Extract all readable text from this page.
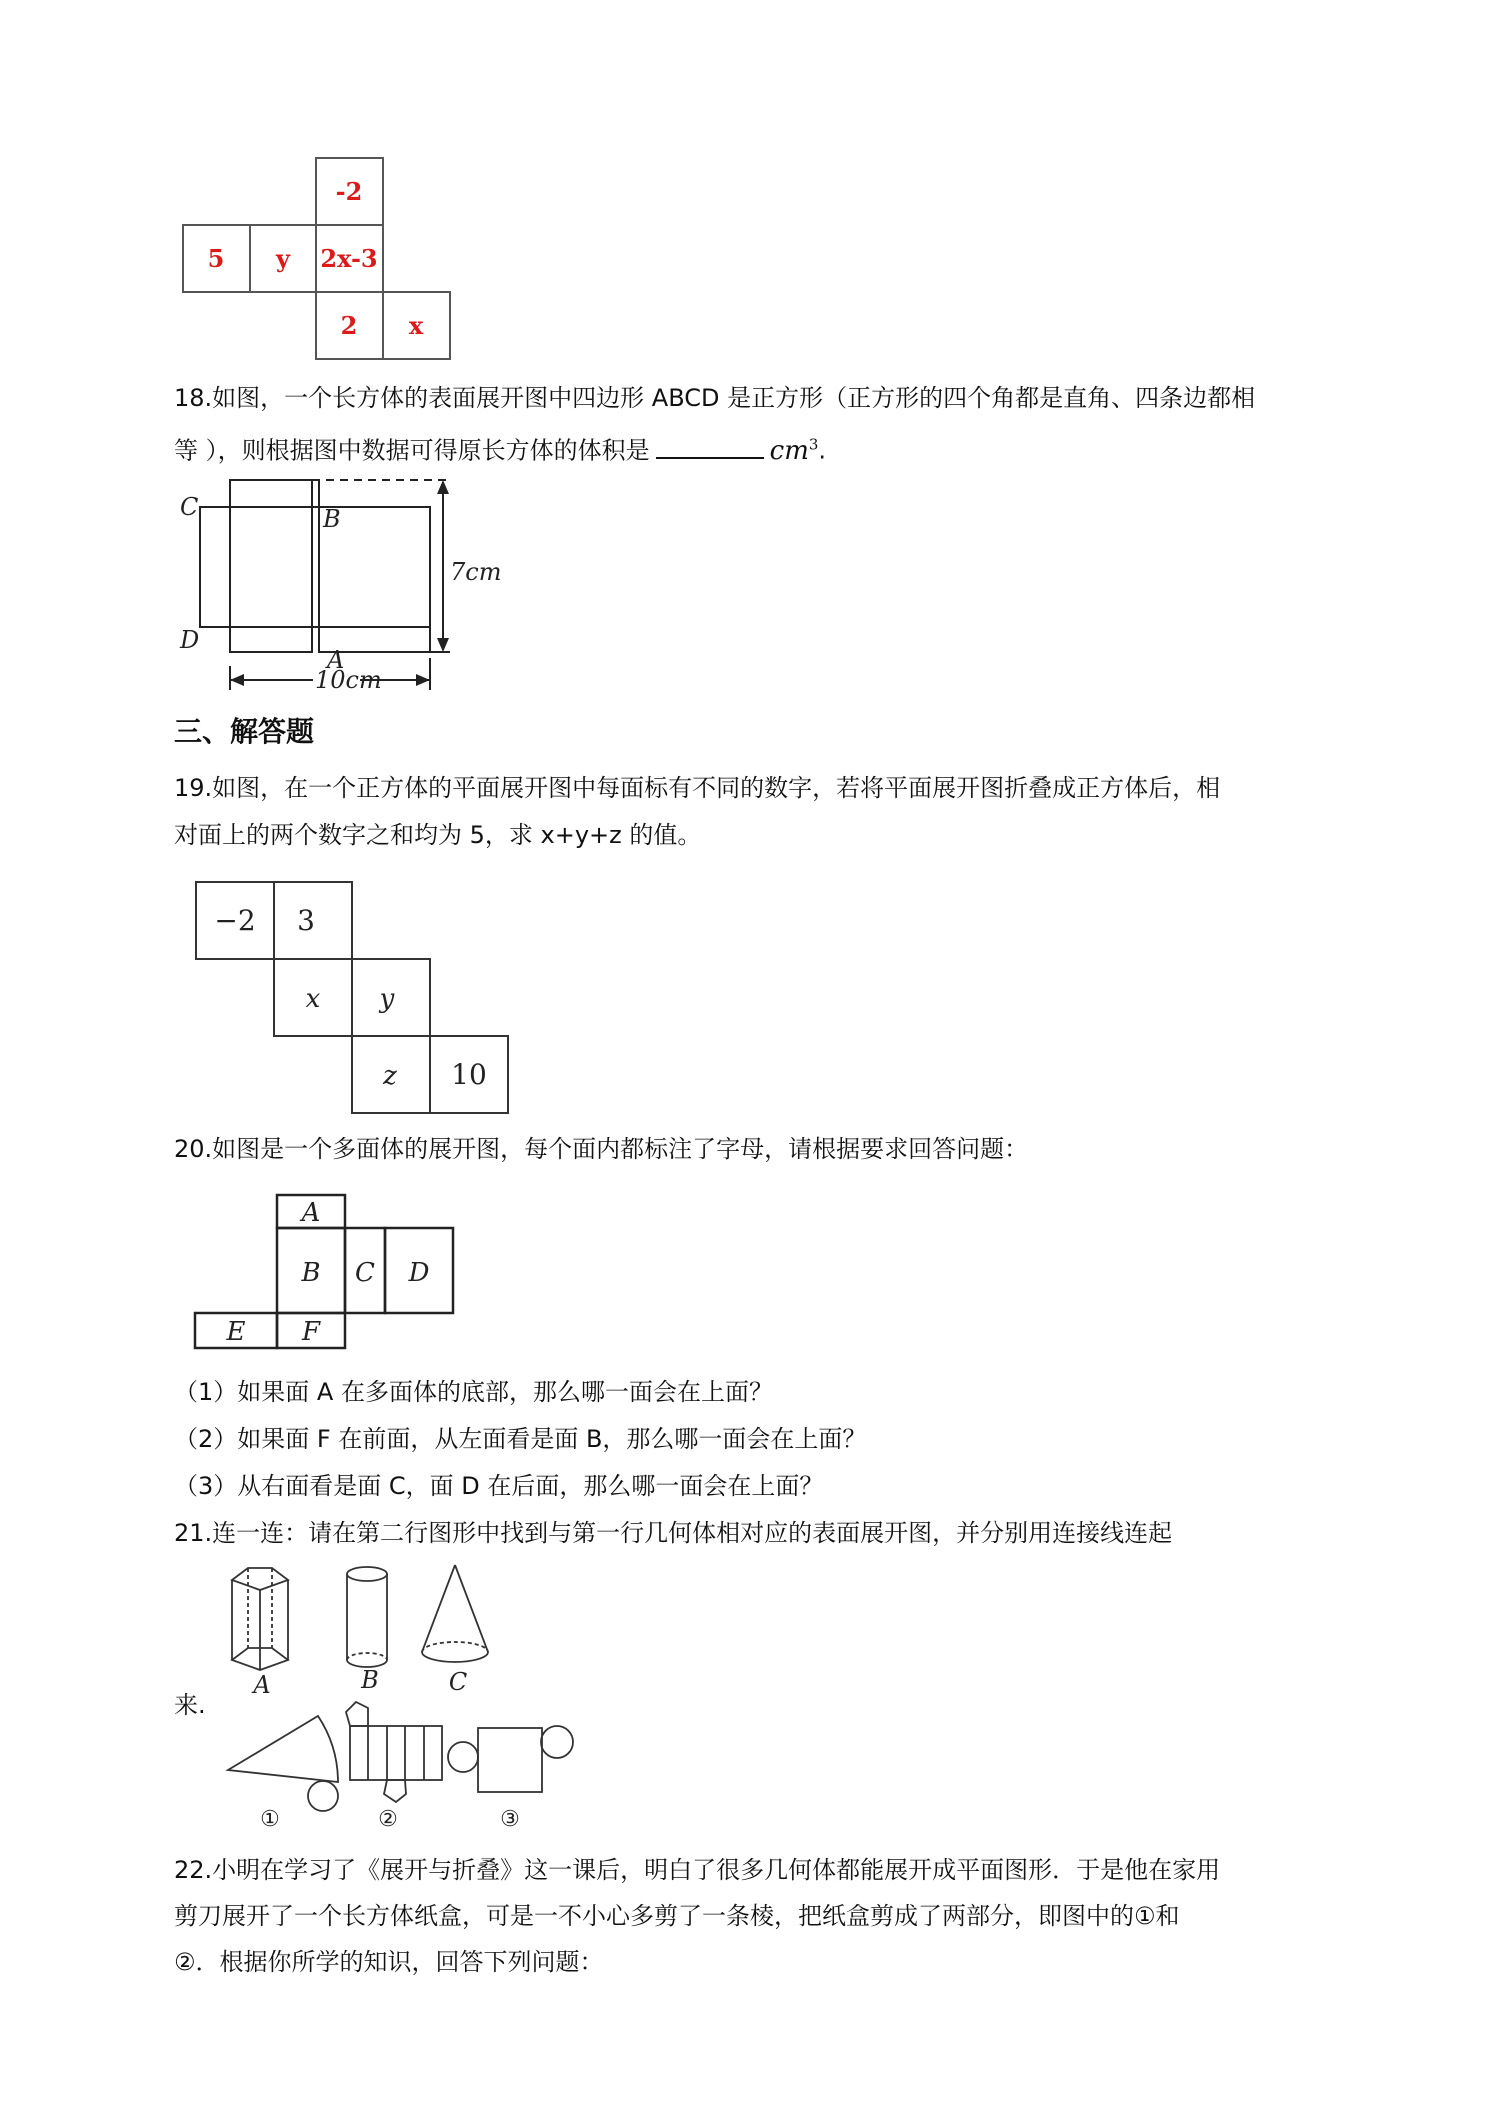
-2
5 y 2x-3
2 x
18.如图，一个长方体的表面展开图中四边形 ABCD 是正方形（正方形的四个角都是直角、四条边都相
等 ），则根据图中数据可得原长方体的体积是	$cm^3$.
C	B
D
A
7cm
10cm
三、解答题
19.如图，在一个正方体的平面展开图中每面标有不同的数字，若将平面展开图折叠成正方体后，相
对面上的两个数字之和均为 5，求 x+y+z 的值。
−2 3
x y
z 10
20.如图是一个多面体的展开图，每个面内都标注了字母，请根据要求回答问题：
A
B C D
E F
（1）如果面 A 在多面体的底部，那么哪一面会在上面？
（2）如果面 F 在前面，从左面看是面 B，那么哪一面会在上面？
（3）从右面看是面 C，面 D 在后面，那么哪一面会在上面？
21.连一连：请在第二行图形中找到与第一行几何体相对应的表面展开图，并分别用连接线连起
来.
A	B	C
①	②	③
22.小明在学习了《展开与折叠》这一课后，明白了很多几何体都能展开成平面图形．于是他在家用
剪刀展开了一个长方体纸盒，可是一不小心多剪了一条棱，把纸盒剪成了两部分，即图中的①和
②．根据你所学的知识，回答下列问题：
